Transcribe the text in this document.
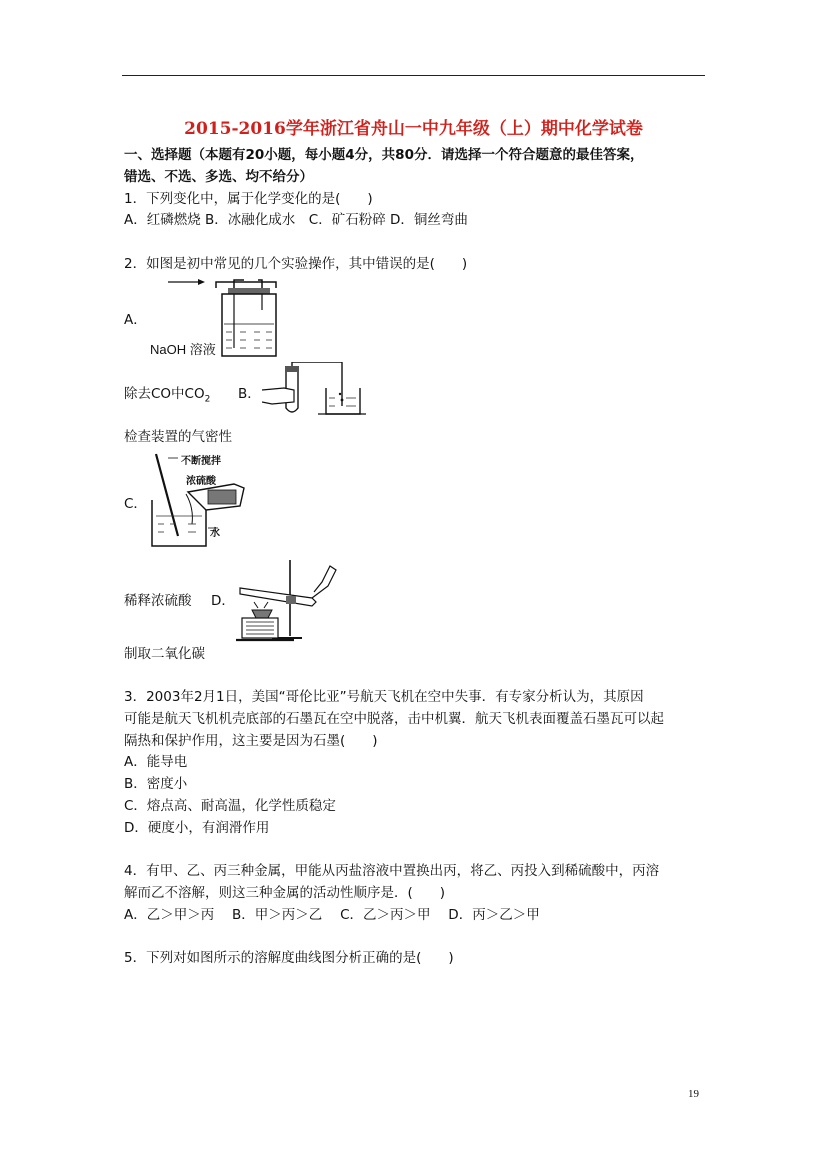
2015-2016学年浙江省舟山一中九年级（上）期中化学试卷
一、选择题（本题有20小题，每小题4分，共80分．请选择一个符合题意的最佳答案，
错选、不选、多选、均不给分）
1．下列变化中，属于化学变化的是(　　)
A．红磷燃烧 B．冰融化成水　C．矿石粉碎 D．铜丝弯曲
2．如图是初中常见的几个实验操作，其中错误的是(　　)
A．
NaOH 溶液
除去CO中$CO_2$ B．
检查装置的气密性
C．
不断搅拌
浓硫酸
水
稀释浓硫酸 D．
制取二氧化碳
3．2003年2月1日，美国“哥伦比亚”号航天飞机在空中失事．有专家分析认为，其原因
可能是航天飞机机壳底部的石墨瓦在空中脱落，击中机翼．航天飞机表面覆盖石墨瓦可以起
隔热和保护作用，这主要是因为石墨(　　)
A．能导电
B．密度小
C．熔点高、耐高温，化学性质稳定
D．硬度小，有润滑作用
4．有甲、乙、丙三种金属，甲能从丙盐溶液中置换出丙，将乙、丙投入到稀硫酸中，丙溶
解而乙不溶解，则这三种金属的活动性顺序是．(　　)
A．乙＞甲＞丙　 B．甲＞丙＞乙　 C．乙＞丙＞甲　 D．丙＞乙＞甲
5．下列对如图所示的溶解度曲线图分析正确的是(　　)
19
